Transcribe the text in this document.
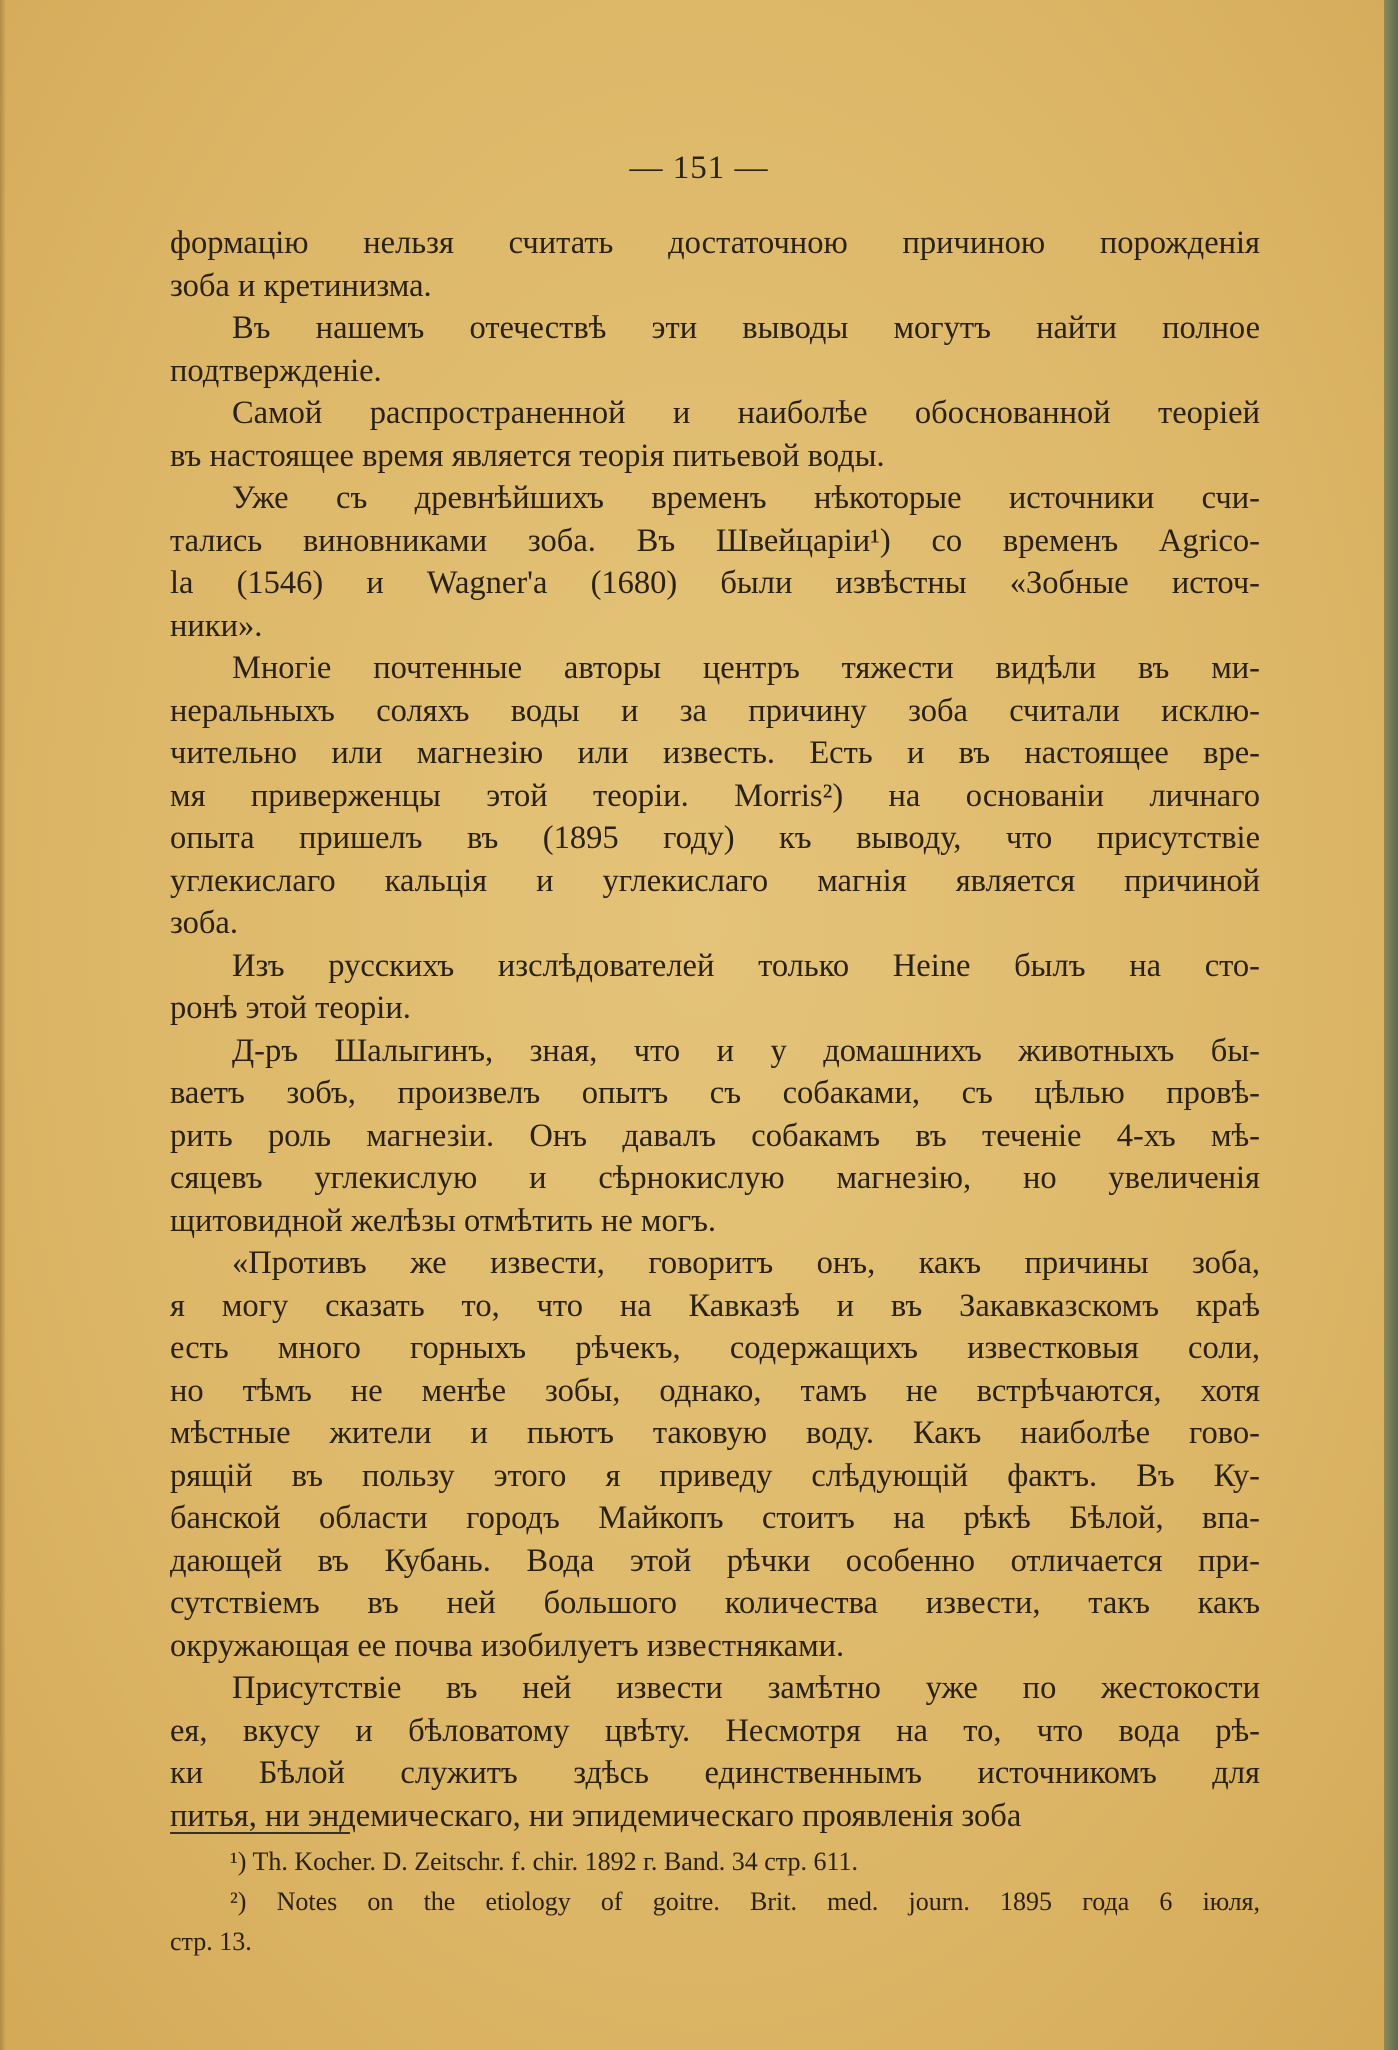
— 151 —
формацію нельзя считать достаточною причиною порожденія
зоба и кретинизма.
Въ нашемъ отечествѣ эти выводы могутъ найти полное
подтвержденіе.
Самой распространенной и наиболѣе обоснованной теоріей
въ настоящее время является теорія питьевой воды.
Уже съ древнѣйшихъ временъ нѣкоторые источники счи-
тались виновниками зоба. Въ Швейцаріи¹) со временъ Agrico-
la (1546) и Wagner'a (1680) были извѣстны «Зобные источ-
ники».
Многіе почтенные авторы центръ тяжести видѣли въ ми-
неральныхъ соляхъ воды и за причину зоба считали исклю-
чительно или магнезію или известь. Есть и въ настоящее вре-
мя приверженцы этой теоріи. Morris²) на основаніи личнаго
опыта пришелъ въ (1895 году) къ выводу, что присутствіе
углекислаго кальція и углекислаго магнія является причиной
зоба.
Изъ русскихъ изслѣдователей только Heine былъ на сто-
ронѣ этой теоріи.
Д-ръ Шалыгинъ, зная, что и у домашнихъ животныхъ бы-
ваетъ зобъ, произвелъ опытъ съ собаками, съ цѣлью провѣ-
рить роль магнезіи. Онъ давалъ собакамъ въ теченіе 4-хъ мѣ-
сяцевъ углекислую и сѣрнокислую магнезію, но увеличенія
щитовидной желѣзы отмѣтить не могъ.
«Противъ же извести, говоритъ онъ, какъ причины зоба,
я могу сказать то, что на Кавказѣ и въ Закавказскомъ краѣ
есть много горныхъ рѣчекъ, содержащихъ известковыя соли,
но тѣмъ не менѣе зобы, однако, тамъ не встрѣчаются, хотя
мѣстные жители и пьютъ таковую воду. Какъ наиболѣе гово-
рящій въ пользу этого я приведу слѣдующій фактъ. Въ Ку-
банской области городъ Майкопъ стоитъ на рѣкѣ Бѣлой, впа-
дающей въ Кубань. Вода этой рѣчки особенно отличается при-
сутствіемъ въ ней большого количества извести, такъ какъ
окружающая ее почва изобилуетъ известняками.
Присутствіе въ ней извести замѣтно уже по жестокости
ея, вкусу и бѣловатому цвѣту. Несмотря на то, что вода рѣ-
ки Бѣлой служитъ здѣсь единственнымъ источникомъ для
питья, ни эндемическаго, ни эпидемическаго проявленія зоба
¹) Th. Kocher. D. Zeitschr. f. chir. 1892 г. Band. 34 стр. 611.
²) Notes on the etiology of goitre. Brit. med. journ. 1895 года 6 іюля,
стр. 13.
